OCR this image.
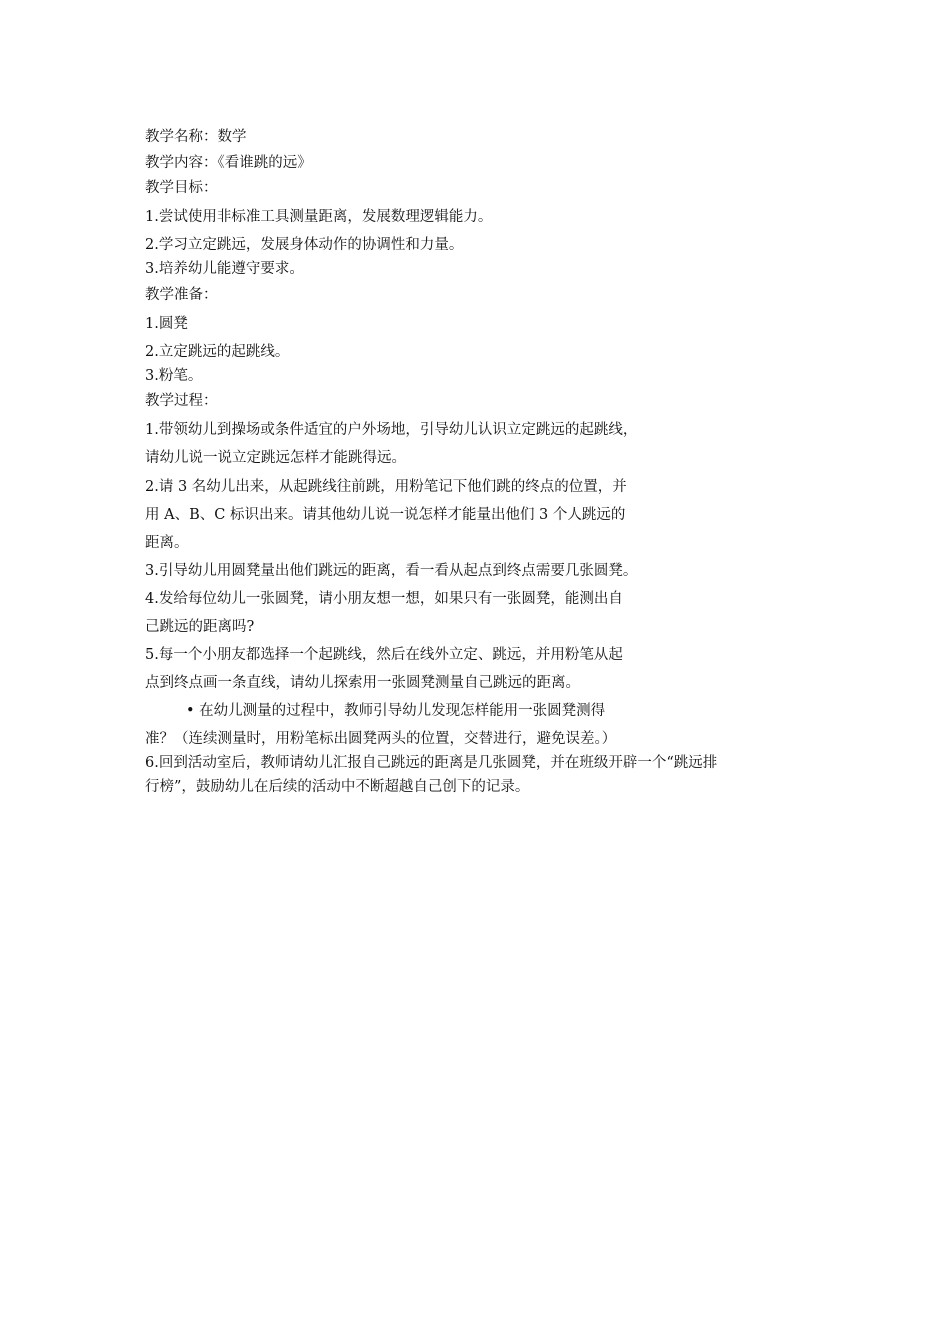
教学名称：数学
教学内容：《看谁跳的远》
教学目标：
1.尝试使用非标准工具测量距离，发展数理逻辑能力。
2.学习立定跳远，发展身体动作的协调性和力量。
3.培养幼儿能遵守要求。
教学准备：
1.圆凳
2.立定跳远的起跳线。
3.粉笔。
教学过程：
1.带领幼儿到操场或条件适宜的户外场地，引导幼儿认识立定跳远的起跳线，
请幼儿说一说立定跳远怎样才能跳得远。
2.请 3 名幼儿出来，从起跳线往前跳，用粉笔记下他们跳的终点的位置，并
用 A、B、C 标识出来。请其他幼儿说一说怎样才能量出他们 3 个人跳远的
距离。
3.引导幼儿用圆凳量出他们跳远的距离，看一看从起点到终点需要几张圆凳。
4.发给每位幼儿一张圆凳，请小朋友想一想，如果只有一张圆凳，能测出自
己跳远的距离吗?
5.每一个小朋友都选择一个起跳线，然后在线外立定、跳远，并用粉笔从起
点到终点画一条直线，请幼儿探索用一张圆凳测量自己跳远的距离。
• 在幼儿测量的过程中，教师引导幼儿发现怎样能用一张圆凳测得
准？（连续测量时，用粉笔标出圆凳两头的位置，交替进行，避免误差。）
6.回到活动室后，教师请幼儿汇报自己跳远的距离是几张圆凳，并在班级开辟一个“跳远排
行榜”，鼓励幼儿在后续的活动中不断超越自己创下的记录。
